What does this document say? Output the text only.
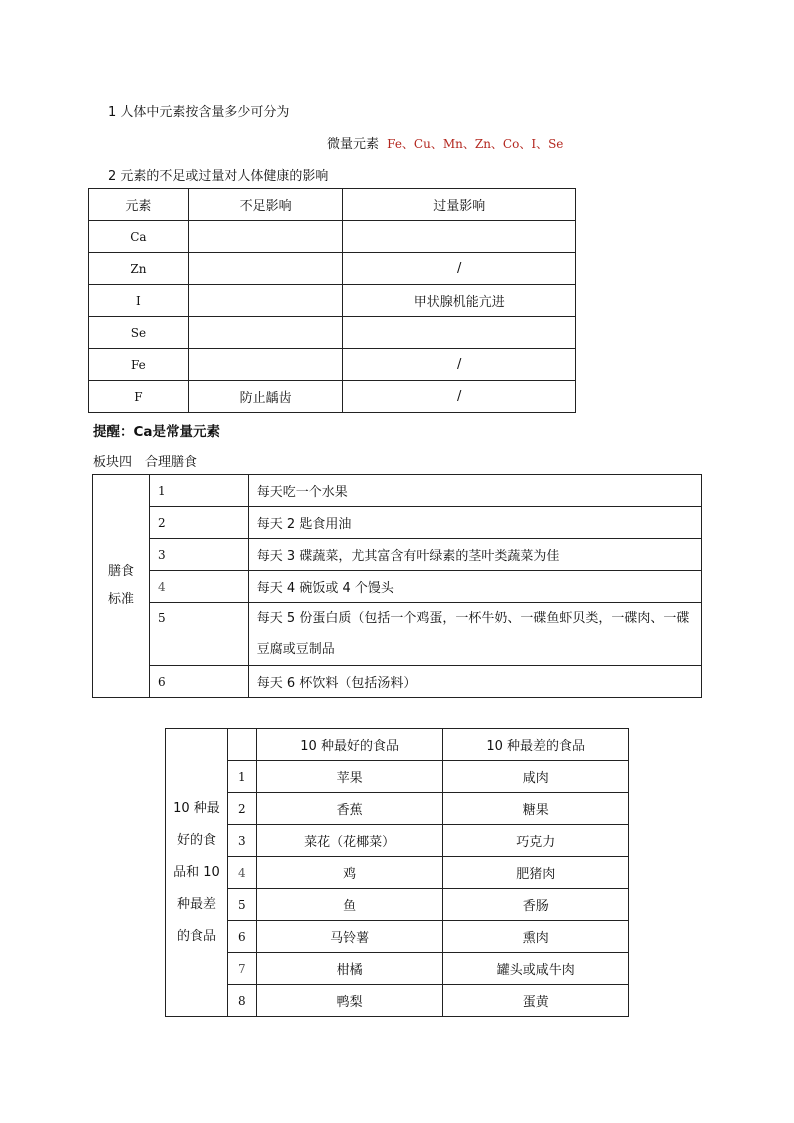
1 人体中元素按含量多少可分为
微量元素 Fe、Cu、Mn、Zn、Co、I、Se
2 元素的不足或过量对人体健康的影响
元素	不足影响	过量影响
Ca		
Zn		/
I		甲状腺机能亢进
Se		
Fe		/
F	防止龋齿	/
提醒：Ca是常量元素
板块四　合理膳食
膳食标准	1	每天吃一个水果
	2	每天 2 匙食用油
	3	每天 3 碟蔬菜，尤其富含有叶绿素的茎叶类蔬菜为佳
	4	每天 4 碗饭或 4 个馒头
	5	每天 5 份蛋白质（包括一个鸡蛋，一杯牛奶、一碟鱼虾贝类，一碟肉、一碟豆腐或豆制品
	6	每天 6 杯饮料（包括汤料）
10 种最好的食品和 10 种最差的食品		10 种最好的食品	10 种最差的食品
	1	苹果	咸肉
	2	香蕉	糖果
	3	菜花（花椰菜）	巧克力
	4	鸡	肥猪肉
	5	鱼	香肠
	6	马铃薯	熏肉
	7	柑橘	罐头或咸牛肉
	8	鸭梨	蛋黄
